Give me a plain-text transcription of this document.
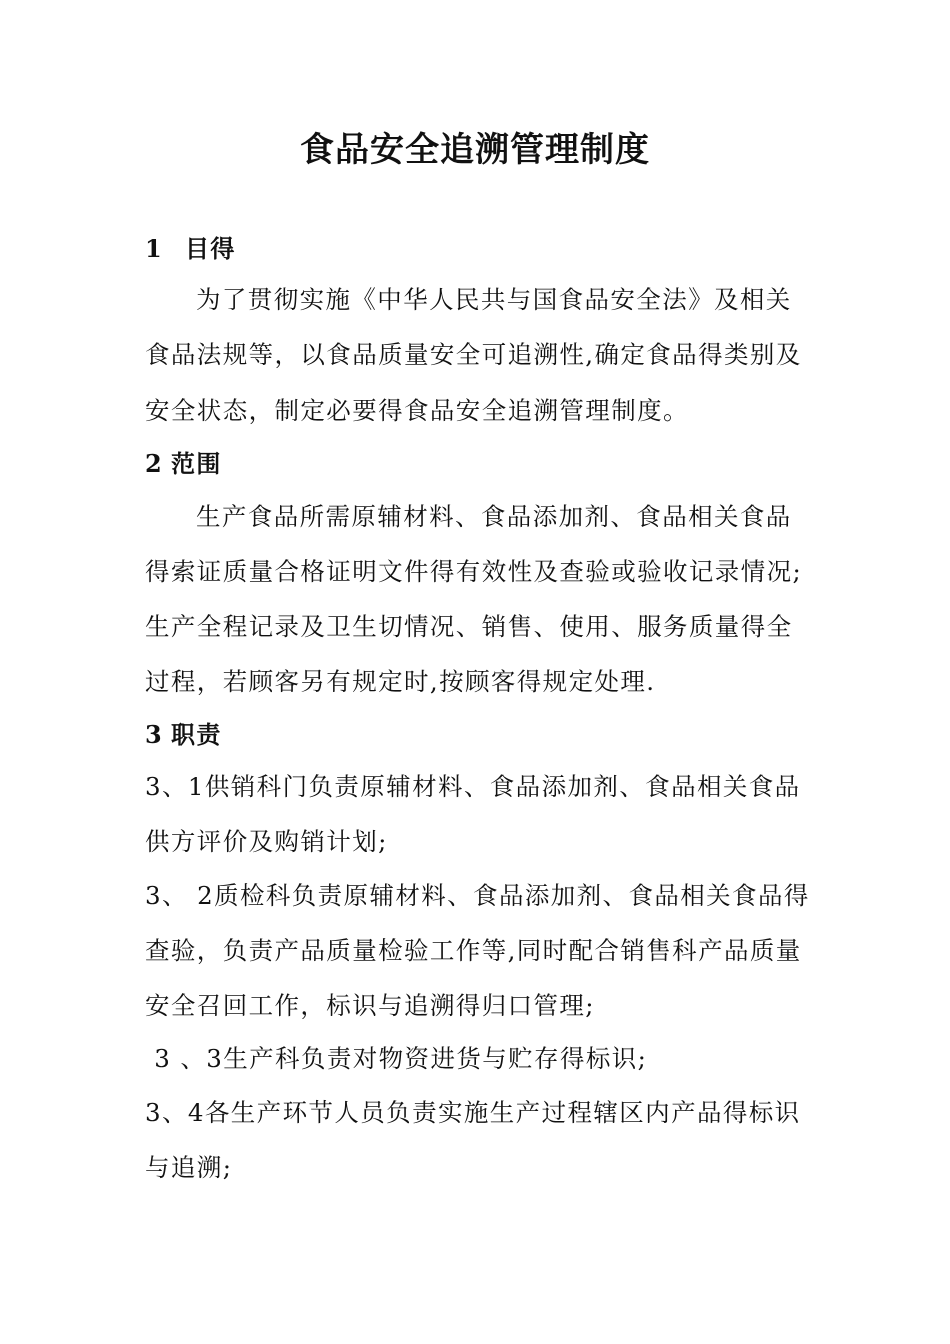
食品安全追溯管理制度
1 目得
为了贯彻实施《中华人民共与国食品安全法》及相关
食品法规等，以食品质量安全可追溯性,确定食品得类别及
安全状态，制定必要得食品安全追溯管理制度。
2 范围
生产食品所需原辅材料、食品添加剂、食品相关食品
得索证质量合格证明文件得有效性及查验或验收记录情况;
生产全程记录及卫生切情况、销售、使用、服务质量得全
过程，若顾客另有规定时,按顾客得规定处理.
3 职责
3、1供销科门负责原辅材料、食品添加剂、食品相关食品
供方评价及购销计划;
3、 2质检科负责原辅材料、食品添加剂、食品相关食品得
查验，负责产品质量检验工作等,同时配合销售科产品质量
安全召回工作，标识与追溯得归口管理;
3 、3生产科负责对物资进货与贮存得标识;
3、4各生产环节人员负责实施生产过程辖区内产品得标识
与追溯;
